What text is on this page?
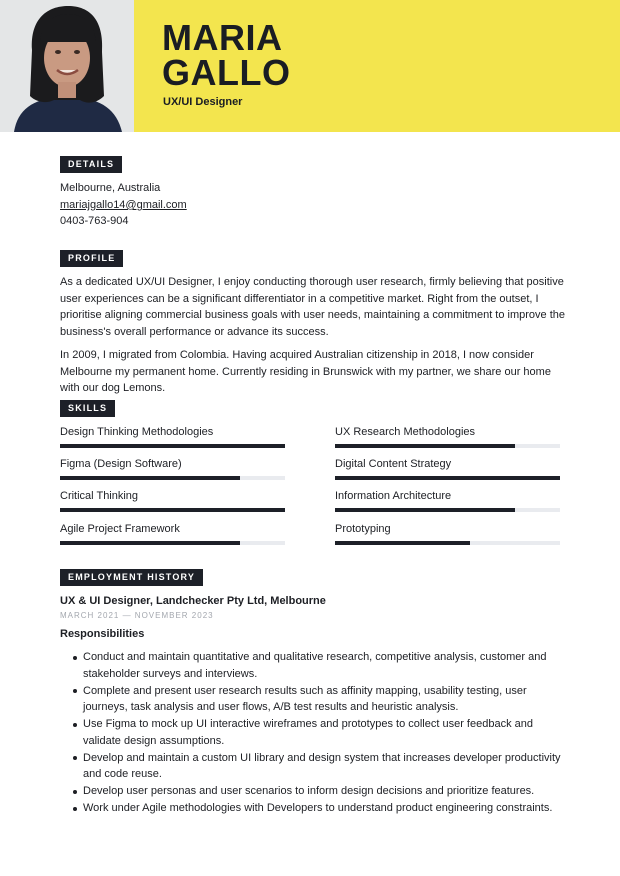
MARIA
GALLO
UX/UI Designer
DETAILS
Melbourne, Australia
mariajgallo14@gmail.com
0403-763-904
PROFILE
As a dedicated UX/UI Designer, I enjoy conducting thorough user research, firmly believing that positive user experiences can be a significant differentiator in a competitive market. Right from the outset, I prioritise aligning commercial business goals with user needs, maintaining a commitment to improve the business's overall performance or advance its success.
In 2009, I migrated from Colombia. Having acquired Australian citizenship in 2018, I now consider Melbourne my permanent home. Currently residing in Brunswick with my partner, we share our home with our dog Lemons.
SKILLS
Design Thinking Methodologies	UX Research Methodologies
Figma (Design Software)	Digital Content Strategy
Critical Thinking	Information Architecture
Agile Project Framework	Prototyping
EMPLOYMENT HISTORY
UX & UI Designer, Landchecker Pty Ltd, Melbourne
MARCH 2021 — NOVEMBER 2023
Responsibilities
Conduct and maintain quantitative and qualitative research, competitive analysis, customer and stakeholder surveys and interviews.
Complete and present user research results such as affinity mapping, usability testing, user journeys, task analysis and user flows, A/B test results and heuristic analysis.
Use Figma to mock up UI interactive wireframes and prototypes to collect user feedback and validate design assumptions.
Develop and maintain a custom UI library and design system that increases developer productivity and code reuse.
Develop user personas and user scenarios to inform design decisions and prioritize features.
Work under Agile methodologies with Developers to understand product engineering constraints.
